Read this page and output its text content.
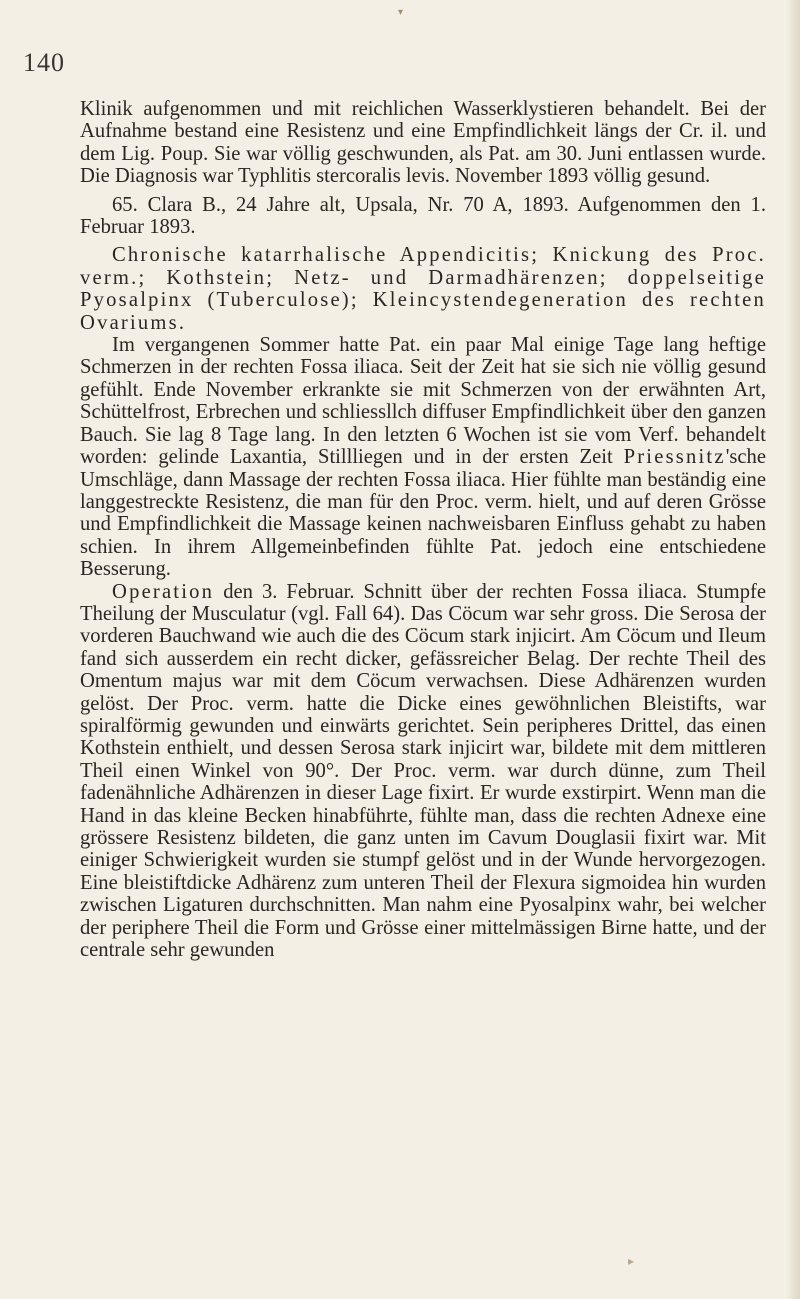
▾
140

Klinik aufgenommen und mit reichlichen Wasserklystieren behandelt. Bei der Aufnahme bestand eine Resistenz und eine Empfindlichkeit längs der Cr. il. und dem Lig. Poup. Sie war völlig geschwunden, als Pat. am 30. Juni entlassen wurde. Die Diagnosis war Typhlitis stercoralis levis. November 1893 völlig gesund.

65. Clara B., 24 Jahre alt, Upsala, Nr. 70 A, 1893. Aufgenommen den 1. Februar 1893.

Chronische katarrhalische Appendicitis; Knickung des Proc. verm.; Kothstein; Netz- und Darmadhärenzen; doppelseitige Pyosalpinx (Tuberculose); Kleincystendegeneration des rechten Ovariums.

Im vergangenen Sommer hatte Pat. ein paar Mal einige Tage lang heftige Schmerzen in der rechten Fossa iliaca. Seit der Zeit hat sie sich nie völlig gesund gefühlt. Ende November erkrankte sie mit Schmerzen von der erwähnten Art, Schüttelfrost, Erbrechen und schliessllch diffuser Empfindlichkeit über den ganzen Bauch. Sie lag 8 Tage lang. In den letzten 6 Wochen ist sie vom Verf. behandelt worden: gelinde Laxantia, Stillliegen und in der ersten Zeit Priessnitz'sche Umschläge, dann Massage der rechten Fossa iliaca. Hier fühlte man beständig eine langgestreckte Resistenz, die man für den Proc. verm. hielt, und auf deren Grösse und Empfindlichkeit die Massage keinen nachweisbaren Einfluss gehabt zu haben schien. In ihrem Allgemeinbefinden fühlte Pat. jedoch eine entschiedene Besserung.

Operation den 3. Februar. Schnitt über der rechten Fossa iliaca. Stumpfe Theilung der Musculatur (vgl. Fall 64). Das Cöcum war sehr gross. Die Serosa der vorderen Bauchwand wie auch die des Cöcum stark injicirt. Am Cöcum und Ileum fand sich ausserdem ein recht dicker, gefässreicher Belag. Der rechte Theil des Omentum majus war mit dem Cöcum verwachsen. Diese Adhärenzen wurden gelöst. Der Proc. verm. hatte die Dicke eines gewöhnlichen Bleistifts, war spiralförmig gewunden und einwärts gerichtet. Sein peripheres Drittel, das einen Kothstein enthielt, und dessen Serosa stark injicirt war, bildete mit dem mittleren Theil einen Winkel von 90°. Der Proc. verm. war durch dünne, zum Theil fadenähnliche Adhärenzen in dieser Lage fixirt. Er wurde exstirpirt. Wenn man die Hand in das kleine Becken hinabführte, fühlte man, dass die rechten Adnexe eine grössere Resistenz bildeten, die ganz unten im Cavum Douglasii fixirt war. Mit einiger Schwierigkeit wurden sie stumpf gelöst und in der Wunde hervorgezogen. Eine bleistiftdicke Adhärenz zum unteren Theil der Flexura sigmoidea hin wurden zwischen Ligaturen durchschnitten. Man nahm eine Pyosalpinx wahr, bei welcher der periphere Theil die Form und Grösse einer mittelmässigen Birne hatte, und der centrale sehr gewunden

▸
